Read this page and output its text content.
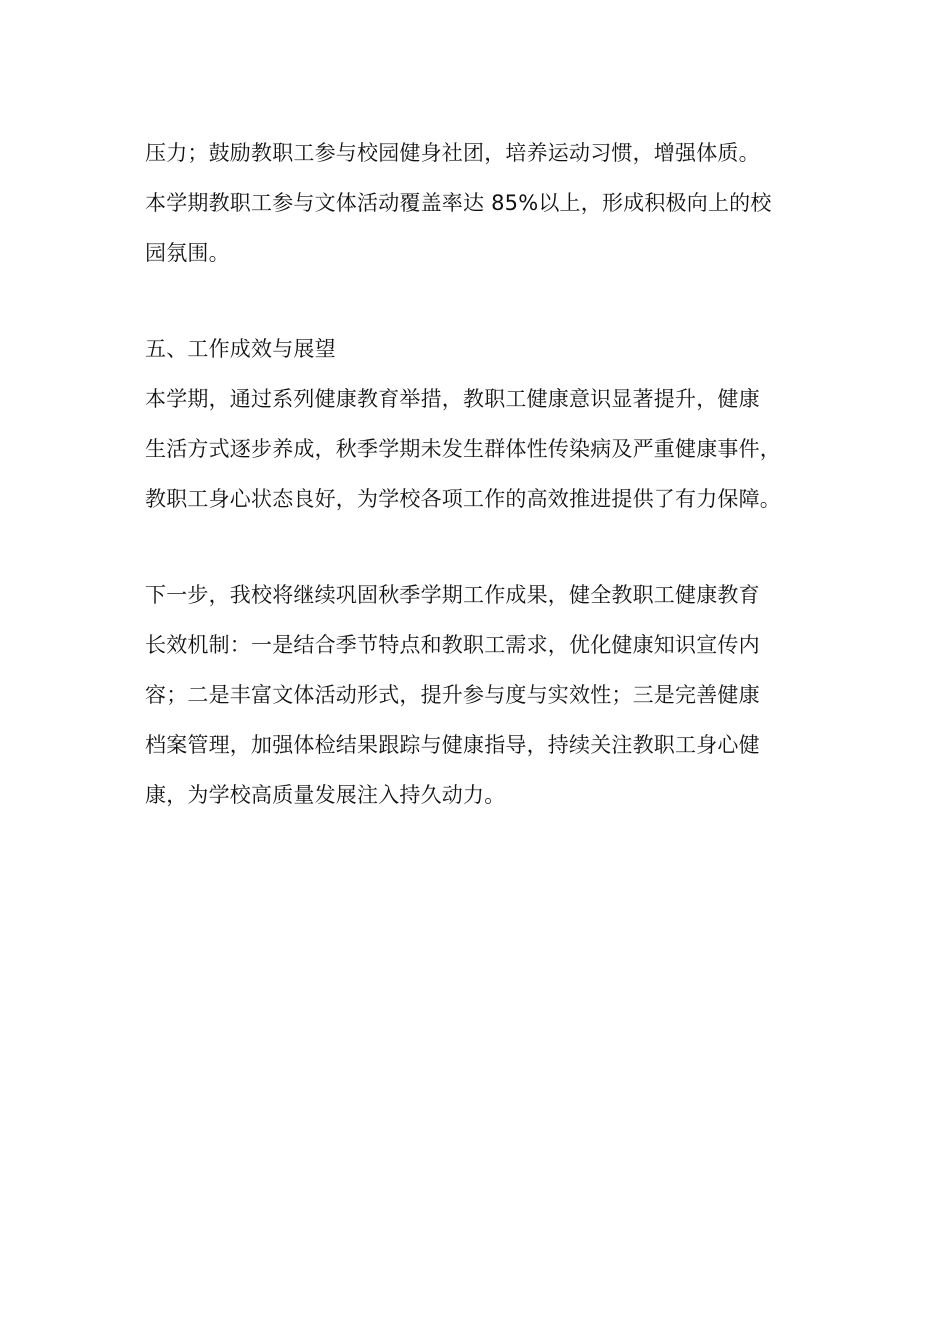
压力；鼓励教职工参与校园健身社团，培养运动习惯，增强体质。

本学期教职工参与文体活动覆盖率达 85%以上，形成积极向上的校

园氛围。

五、工作成效与展望

本学期，通过系列健康教育举措，教职工健康意识显著提升，健康

生活方式逐步养成，秋季学期未发生群体性传染病及严重健康事件，

教职工身心状态良好，为学校各项工作的高效推进提供了有力保障。

下一步，我校将继续巩固秋季学期工作成果，健全教职工健康教育

长效机制：一是结合季节特点和教职工需求，优化健康知识宣传内

容；二是丰富文体活动形式，提升参与度与实效性；三是完善健康

档案管理，加强体检结果跟踪与健康指导，持续关注教职工身心健

康，为学校高质量发展注入持久动力。
